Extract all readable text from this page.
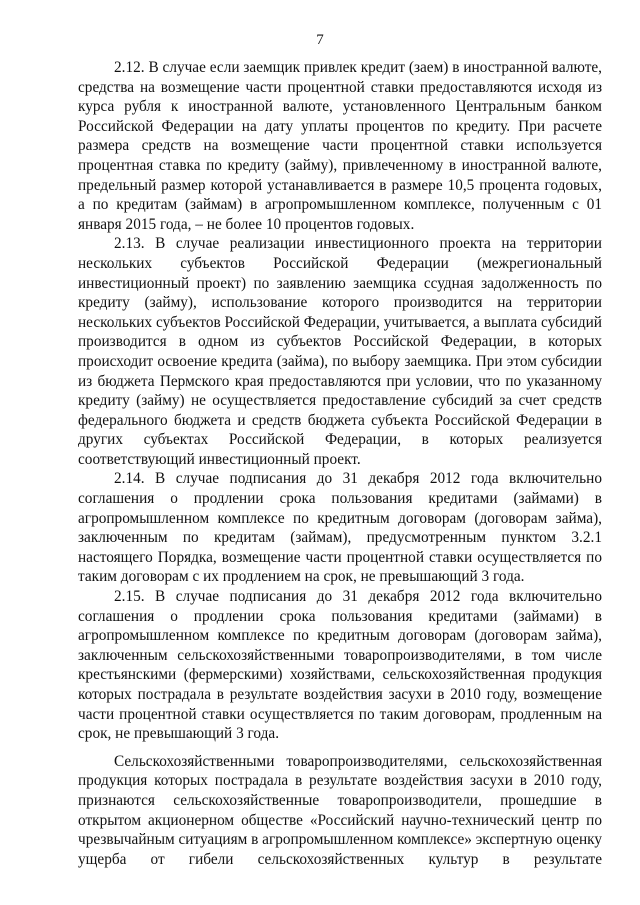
7

2.12. В случае если заемщик привлек кредит (заем) в иностранной валюте, средства на возмещение части процентной ставки предоставляются исходя из курса рубля к иностранной валюте, установленного Центральным банком Российской Федерации на дату уплаты процентов по кредиту. При расчете размера средств на возмещение части процентной ставки используется процентная ставка по кредиту (займу), привлеченному в иностранной валюте, предельный размер которой устанавливается в размере 10,5 процента годовых, а по кредитам (займам) в агропромышленном комплексе, полученным с 01 января 2015 года, – не более 10 процентов годовых.

2.13. В случае реализации инвестиционного проекта на территории нескольких субъектов Российской Федерации (межрегиональный инвестиционный проект) по заявлению заемщика ссудная задолженность по кредиту (займу), использование которого производится на территории нескольких субъектов Российской Федерации, учитывается, а выплата субсидий производится в одном из субъектов Российской Федерации, в которых происходит освоение кредита (займа), по выбору заемщика. При этом субсидии из бюджета Пермского края предоставляются при условии, что по указанному кредиту (займу) не осуществляется предоставление субсидий за счет средств федерального бюджета и средств бюджета субъекта Российской Федерации в других субъектах Российской Федерации, в которых реализуется соответствующий инвестиционный проект.

2.14. В случае подписания до 31 декабря 2012 года включительно соглашения о продлении срока пользования кредитами (займами) в агропромышленном комплексе по кредитным договорам (договорам займа), заключенным по кредитам (займам), предусмотренным пунктом 3.2.1 настоящего Порядка, возмещение части процентной ставки осуществляется по таким договорам с их продлением на срок, не превышающий 3 года.

2.15. В случае подписания до 31 декабря 2012 года включительно соглашения о продлении срока пользования кредитами (займами) в агропромышленном комплексе по кредитным договорам (договорам займа), заключенным сельскохозяйственными товаропроизводителями, в том числе крестьянскими (фермерскими) хозяйствами, сельскохозяйственная продукция которых пострадала в результате воздействия засухи в 2010 году, возмещение части процентной ставки осуществляется по таким договорам, продленным на срок, не превышающий 3 года.

Сельскохозяйственными товаропроизводителями, сельскохозяйственная продукция которых пострадала в результате воздействия засухи в 2010 году, признаются сельскохозяйственные товаропроизводители, прошедшие в открытом акционерном обществе «Российский научно-технический центр по чрезвычайным ситуациям в агропромышленном комплексе» экспертную оценку ущерба от гибели сельскохозяйственных культур в результате
